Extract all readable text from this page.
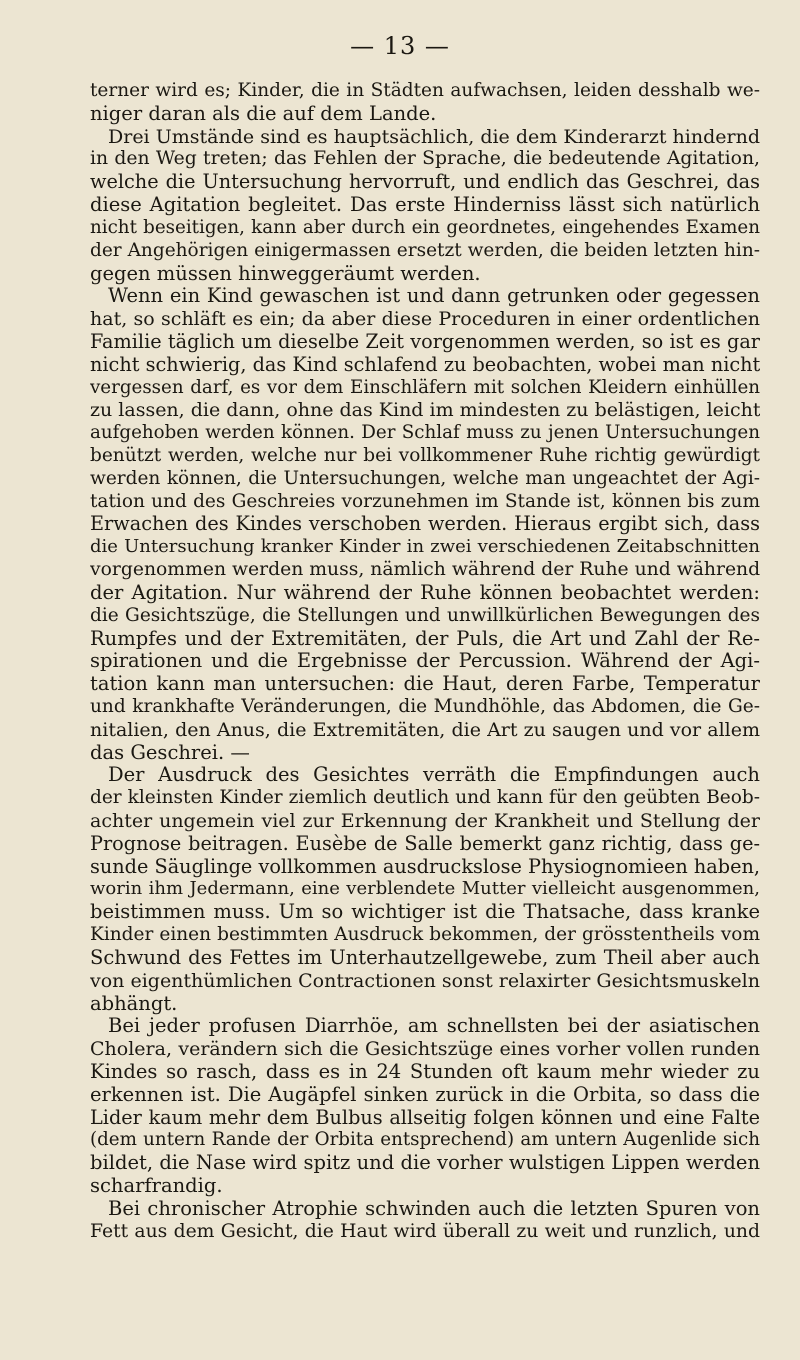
— 13 —
terner wird es; Kinder, die in Städten aufwachsen, leiden desshalb we-
niger daran als die auf dem Lande.
Drei Umstände sind es hauptsächlich, die dem Kinderarzt hindernd
in den Weg treten; das Fehlen der Sprache, die bedeutende Agitation,
welche die Untersuchung hervorruft, und endlich das Geschrei, das
diese Agitation begleitet. Das erste Hinderniss lässt sich natürlich
nicht beseitigen, kann aber durch ein geordnetes, eingehendes Examen
der Angehörigen einigermassen ersetzt werden, die beiden letzten hin-
gegen müssen hinweggeräumt werden.
Wenn ein Kind gewaschen ist und dann getrunken oder gegessen
hat, so schläft es ein; da aber diese Proceduren in einer ordentlichen
Familie täglich um dieselbe Zeit vorgenommen werden, so ist es gar
nicht schwierig, das Kind schlafend zu beobachten, wobei man nicht
vergessen darf, es vor dem Einschläfern mit solchen Kleidern einhüllen
zu lassen, die dann, ohne das Kind im mindesten zu belästigen, leicht
aufgehoben werden können. Der Schlaf muss zu jenen Untersuchungen
benützt werden, welche nur bei vollkommener Ruhe richtig gewürdigt
werden können, die Untersuchungen, welche man ungeachtet der Agi-
tation und des Geschreies vorzunehmen im Stande ist, können bis zum
Erwachen des Kindes verschoben werden. Hieraus ergibt sich, dass
die Untersuchung kranker Kinder in zwei verschiedenen Zeitabschnitten
vorgenommen werden muss, nämlich während der Ruhe und während
der Agitation. Nur während der Ruhe können beobachtet werden:
die Gesichtszüge, die Stellungen und unwillkürlichen Bewegungen des
Rumpfes und der Extremitäten, der Puls, die Art und Zahl der Re-
spirationen und die Ergebnisse der Percussion. Während der Agi-
tation kann man untersuchen: die Haut, deren Farbe, Temperatur
und krankhafte Veränderungen, die Mundhöhle, das Abdomen, die Ge-
nitalien, den Anus, die Extremitäten, die Art zu saugen und vor allem
das Geschrei. —
Der Ausdruck des Gesichtes verräth die Empfindungen auch
der kleinsten Kinder ziemlich deutlich und kann für den geübten Beob-
achter ungemein viel zur Erkennung der Krankheit und Stellung der
Prognose beitragen. Eusèbe de Salle bemerkt ganz richtig, dass ge-
sunde Säuglinge vollkommen ausdruckslose Physiognomieen haben,
worin ihm Jedermann, eine verblendete Mutter vielleicht ausgenommen,
beistimmen muss. Um so wichtiger ist die Thatsache, dass kranke
Kinder einen bestimmten Ausdruck bekommen, der grösstentheils vom
Schwund des Fettes im Unterhautzellgewebe, zum Theil aber auch
von eigenthümlichen Contractionen sonst relaxirter Gesichtsmuskeln
abhängt.
Bei jeder profusen Diarrhöe, am schnellsten bei der asiatischen
Cholera, verändern sich die Gesichtszüge eines vorher vollen runden
Kindes so rasch, dass es in 24 Stunden oft kaum mehr wieder zu
erkennen ist. Die Augäpfel sinken zurück in die Orbita, so dass die
Lider kaum mehr dem Bulbus allseitig folgen können und eine Falte
(dem untern Rande der Orbita entsprechend) am untern Augenlide sich
bildet, die Nase wird spitz und die vorher wulstigen Lippen werden
scharfrandig.
Bei chronischer Atrophie schwinden auch die letzten Spuren von
Fett aus dem Gesicht, die Haut wird überall zu weit und runzlich, und
